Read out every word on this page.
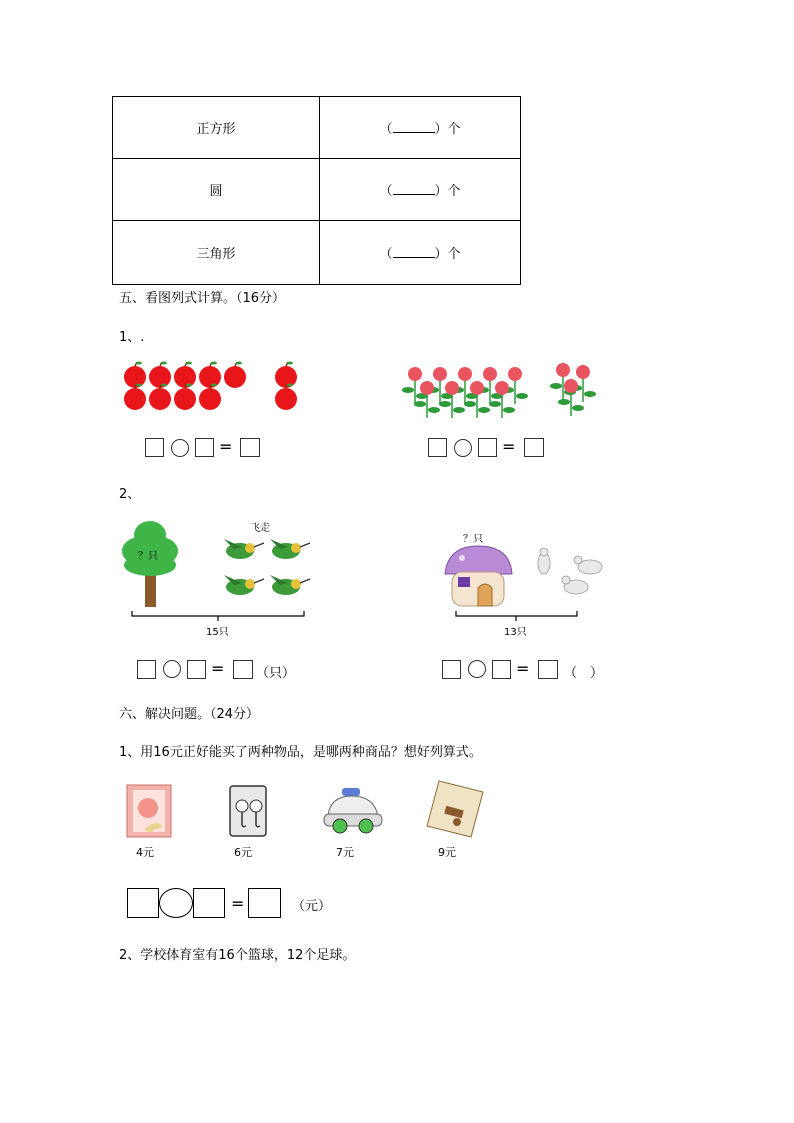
正方形	（ ）个
圆	（ ）个
三角形	（ ）个
五、看图列式计算。（16分）
1、.
=	=
2、
？只
飞走
15只
？只
13只
= （只）	=	（　）
六、解决问题。（24分）
1、用16元正好能买了两种物品，是哪两种商品？想好列算式。
4元	6元	7元	9元
=	（元）
2、学校体育室有16个篮球，12个足球。
